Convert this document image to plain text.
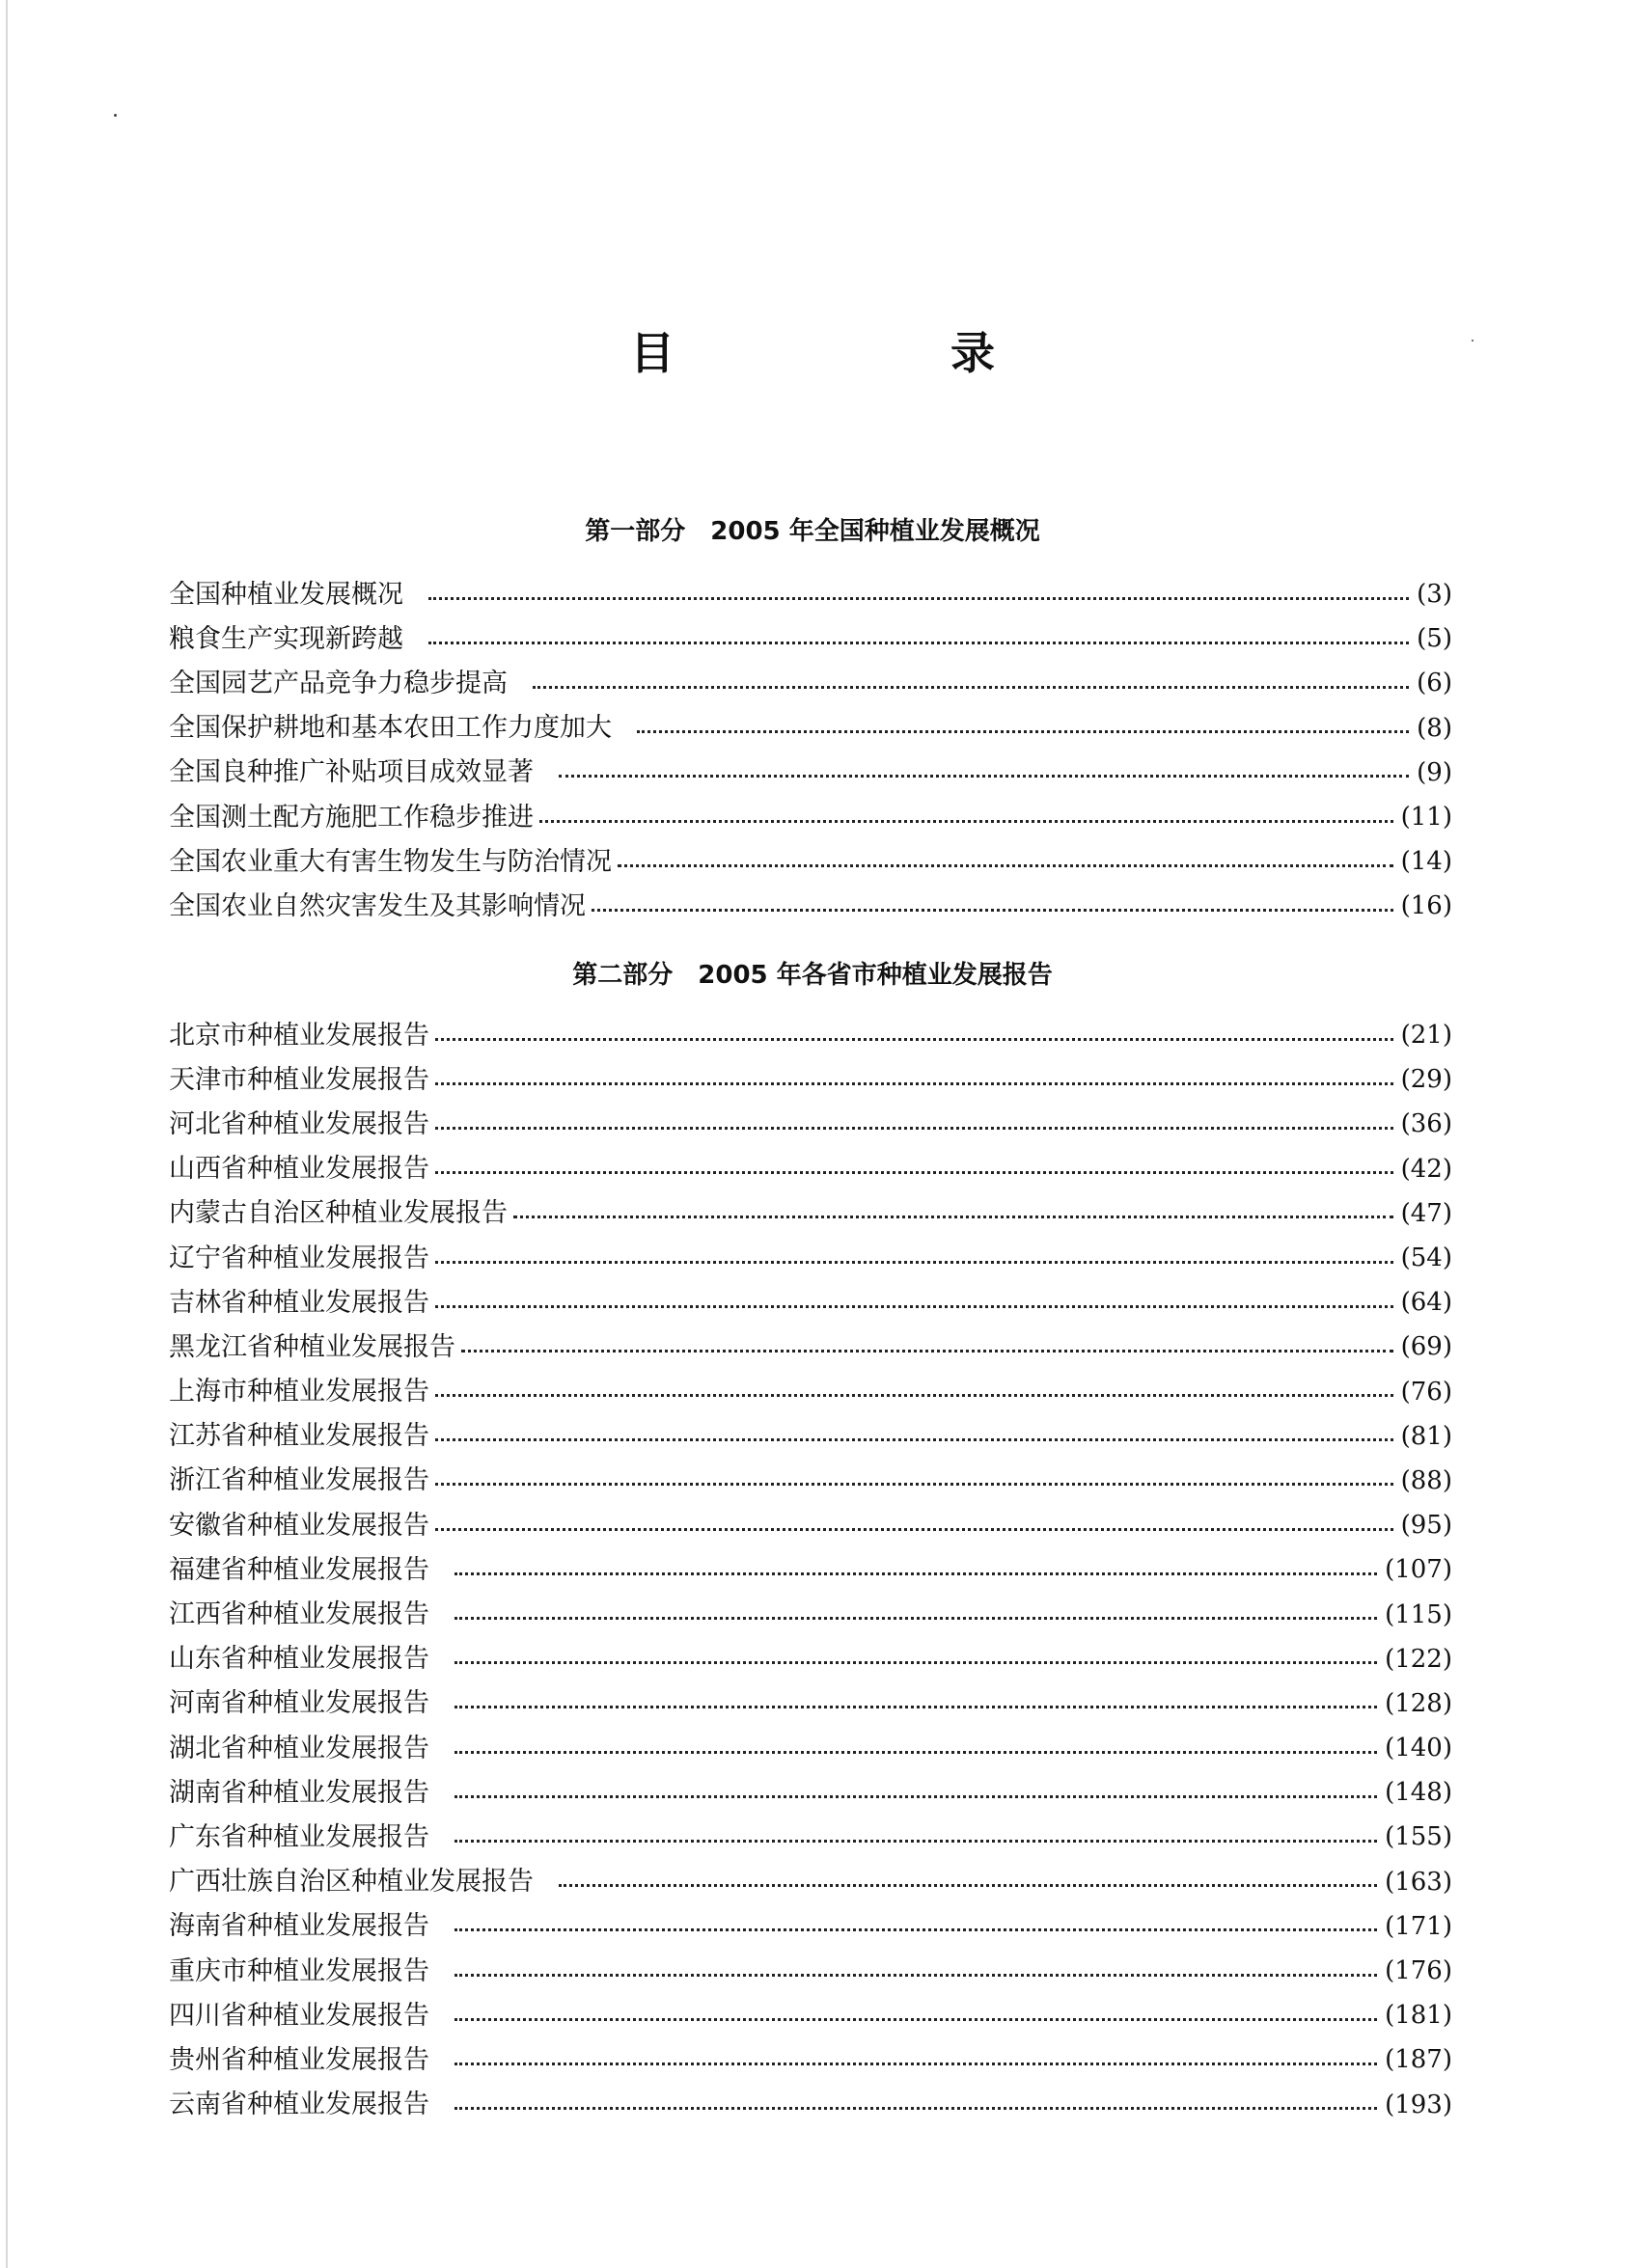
目　录
第一部分　2005 年全国种植业发展概况
全国种植业发展概况	(3)
粮食生产实现新跨越	(5)
全国园艺产品竞争力稳步提高	(6)
全国保护耕地和基本农田工作力度加大	(8)
全国良种推广补贴项目成效显著	(9)
全国测土配方施肥工作稳步推进	(11)
全国农业重大有害生物发生与防治情况	(14)
全国农业自然灾害发生及其影响情况	(16)
第二部分　2005 年各省市种植业发展报告
北京市种植业发展报告	(21)
天津市种植业发展报告	(29)
河北省种植业发展报告	(36)
山西省种植业发展报告	(42)
内蒙古自治区种植业发展报告	(47)
辽宁省种植业发展报告	(54)
吉林省种植业发展报告	(64)
黑龙江省种植业发展报告	(69)
上海市种植业发展报告	(76)
江苏省种植业发展报告	(81)
浙江省种植业发展报告	(88)
安徽省种植业发展报告	(95)
福建省种植业发展报告	(107)
江西省种植业发展报告	(115)
山东省种植业发展报告	(122)
河南省种植业发展报告	(128)
湖北省种植业发展报告	(140)
湖南省种植业发展报告	(148)
广东省种植业发展报告	(155)
广西壮族自治区种植业发展报告	(163)
海南省种植业发展报告	(171)
重庆市种植业发展报告	(176)
四川省种植业发展报告	(181)
贵州省种植业发展报告	(187)
云南省种植业发展报告	(193)
